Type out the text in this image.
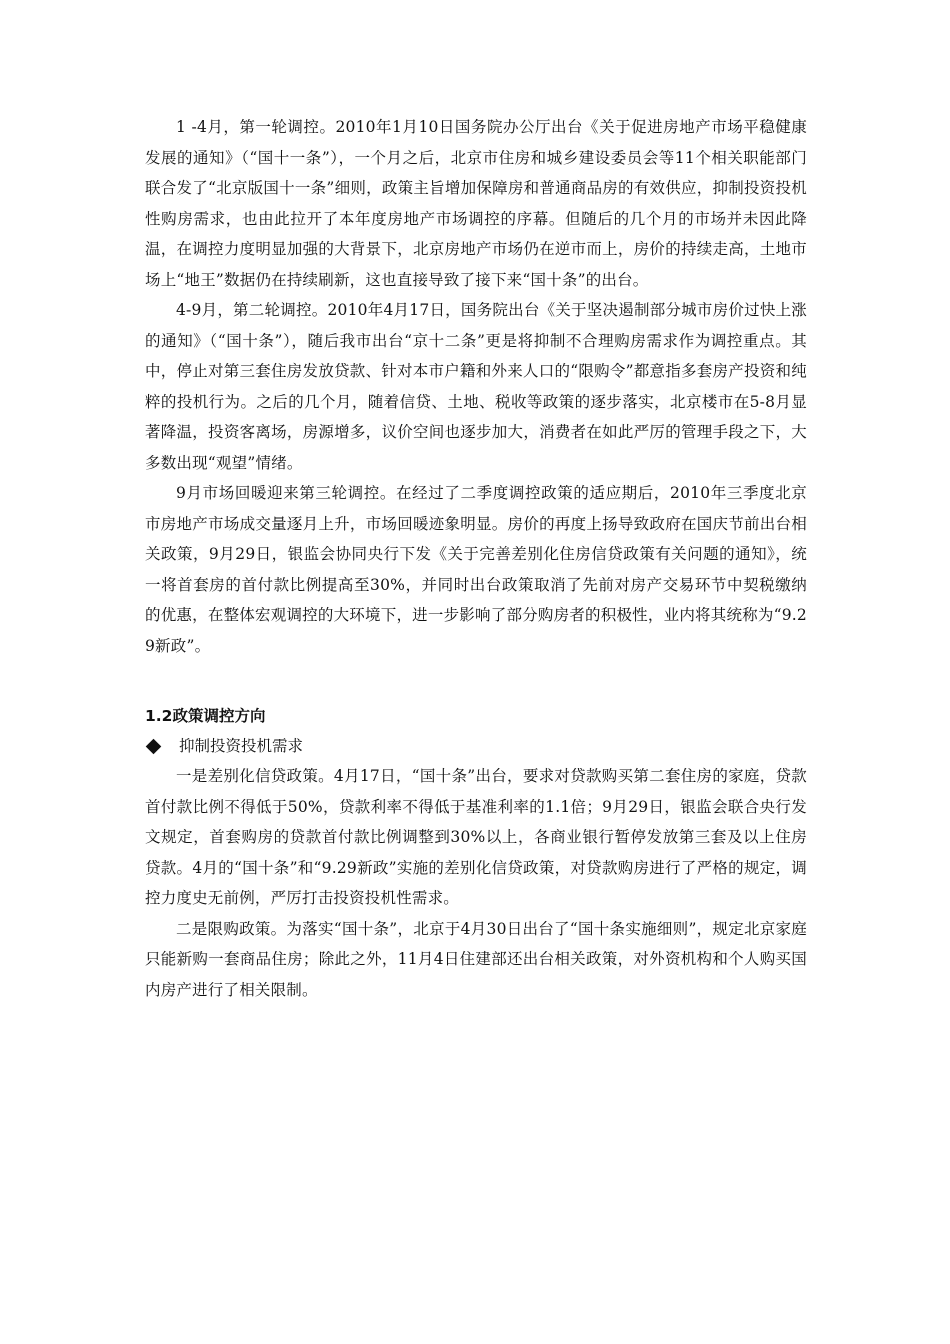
1 -4月，第一轮调控。2010年1月10日国务院办公厅出台《关于促进房地产市场平稳健康发展的通知》（“国十一条”），一个月之后，北京市住房和城乡建设委员会等11个相关职能部门联合发了“北京版国十一条”细则，政策主旨增加保障房和普通商品房的有效供应，抑制投资投机性购房需求，也由此拉开了本年度房地产市场调控的序幕。但随后的几个月的市场并未因此降温，在调控力度明显加强的大背景下，北京房地产市场仍在逆市而上，房价的持续走高，土地市场上“地王”数据仍在持续刷新，这也直接导致了接下来“国十条”的出台。

4-9月，第二轮调控。2010年4月17日，国务院出台《关于坚决遏制部分城市房价过快上涨的通知》（“国十条”），随后我市出台“京十二条”更是将抑制不合理购房需求作为调控重点。其中，停止对第三套住房发放贷款、针对本市户籍和外来人口的“限购令”都意指多套房产投资和纯粹的投机行为。之后的几个月，随着信贷、土地、税收等政策的逐步落实，北京楼市在5-8月显著降温，投资客离场，房源增多，议价空间也逐步加大，消费者在如此严厉的管理手段之下，大多数出现“观望”情绪。

9月市场回暖迎来第三轮调控。在经过了二季度调控政策的适应期后，2010年三季度北京市房地产市场成交量逐月上升，市场回暖迹象明显。房价的再度上扬导致政府在国庆节前出台相关政策，9月29日，银监会协同央行下发《关于完善差别化住房信贷政策有关问题的通知》，统一将首套房的首付款比例提高至30%，并同时出台政策取消了先前对房产交易环节中契税缴纳的优惠，在整体宏观调控的大环境下，进一步影响了部分购房者的积极性，业内将其统称为“9.29新政”。

1.2政策调控方向
抑制投资投机需求

一是差别化信贷政策。4月17日，“国十条”出台，要求对贷款购买第二套住房的家庭，贷款首付款比例不得低于50%，贷款利率不得低于基准利率的1.1倍；9月29日，银监会联合央行发文规定，首套购房的贷款首付款比例调整到30%以上，各商业银行暂停发放第三套及以上住房贷款。4月的“国十条”和“9.29新政”实施的差别化信贷政策，对贷款购房进行了严格的规定，调控力度史无前例，严厉打击投资投机性需求。

二是限购政策。为落实“国十条”，北京于4月30日出台了“国十条实施细则”，规定北京家庭只能新购一套商品住房；除此之外，11月4日住建部还出台相关政策，对外资机构和个人购买国内房产进行了相关限制。
